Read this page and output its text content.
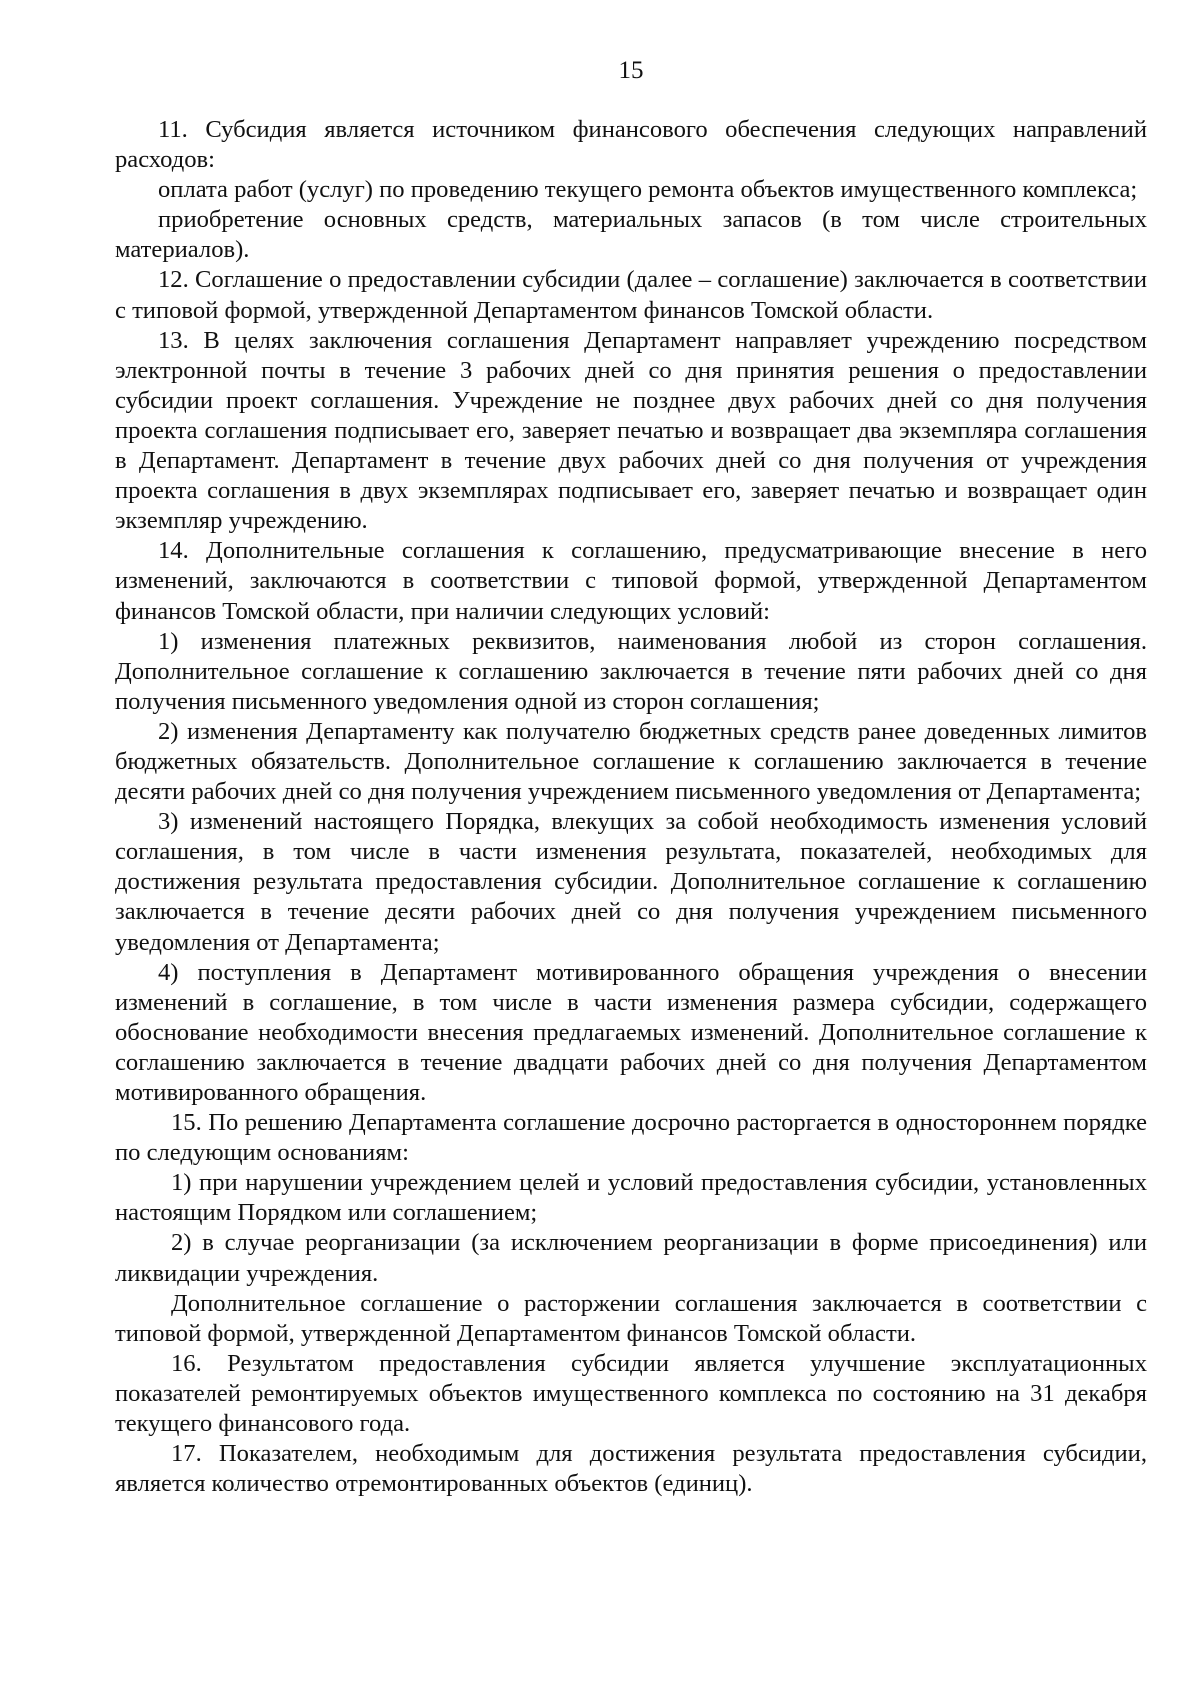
15

11. Субсидия является источником финансового обеспечения следующих направлений расходов:

оплата работ (услуг) по проведению текущего ремонта объектов имущественного комплекса;

приобретение основных средств, материальных запасов (в том числе строительных материалов).

12. Соглашение о предоставлении субсидии (далее – соглашение) заключается в соответствии с типовой формой, утвержденной Департаментом финансов Томской области.

13. В целях заключения соглашения Департамент направляет учреждению посредством электронной почты в течение 3 рабочих дней со дня принятия решения о предоставлении субсидии проект соглашения. Учреждение не позднее двух рабочих дней со дня получения проекта соглашения подписывает его, заверяет печатью и возвращает два экземпляра соглашения в Департамент. Департамент в течение двух рабочих дней со дня получения от учреждения проекта соглашения в двух экземплярах подписывает его, заверяет печатью и возвращает один экземпляр учреждению.

14. Дополнительные соглашения к соглашению, предусматривающие внесение в него изменений, заключаются в соответствии с типовой формой, утвержденной Департаментом финансов Томской области, при наличии следующих условий:

1) изменения платежных реквизитов, наименования любой из сторон соглашения. Дополнительное соглашение к соглашению заключается в течение пяти рабочих дней со дня получения письменного уведомления одной из сторон соглашения;

2) изменения Департаменту как получателю бюджетных средств ранее доведенных лимитов бюджетных обязательств. Дополнительное соглашение к соглашению заключается в течение десяти рабочих дней со дня получения учреждением письменного уведомления от Департамента;

3) изменений настоящего Порядка, влекущих за собой необходимость изменения условий соглашения, в том числе в части изменения результата, показателей, необходимых для достижения результата предоставления субсидии. Дополнительное соглашение к соглашению заключается в течение десяти рабочих дней со дня получения учреждением письменного уведомления от Департамента;

4) поступления в Департамент мотивированного обращения учреждения о внесении изменений в соглашение, в том числе в части изменения размера субсидии, содержащего обоснование необходимости внесения предлагаемых изменений. Дополнительное соглашение к соглашению заключается в течение двадцати рабочих дней со дня получения Департаментом мотивированного обращения.

15. По решению Департамента соглашение досрочно расторгается в одностороннем порядке по следующим основаниям:

1) при нарушении учреждением целей и условий предоставления субсидии, установленных настоящим Порядком или соглашением;

2) в случае реорганизации (за исключением реорганизации в форме присоединения) или ликвидации учреждения.

Дополнительное соглашение о расторжении соглашения заключается в соответствии с типовой формой, утвержденной Департаментом финансов Томской области.

16. Результатом предоставления субсидии является улучшение эксплуатационных показателей ремонтируемых объектов имущественного комплекса по состоянию на 31 декабря текущего финансового года.

17. Показателем, необходимым для достижения результата предоставления субсидии, является количество отремонтированных объектов (единиц).
